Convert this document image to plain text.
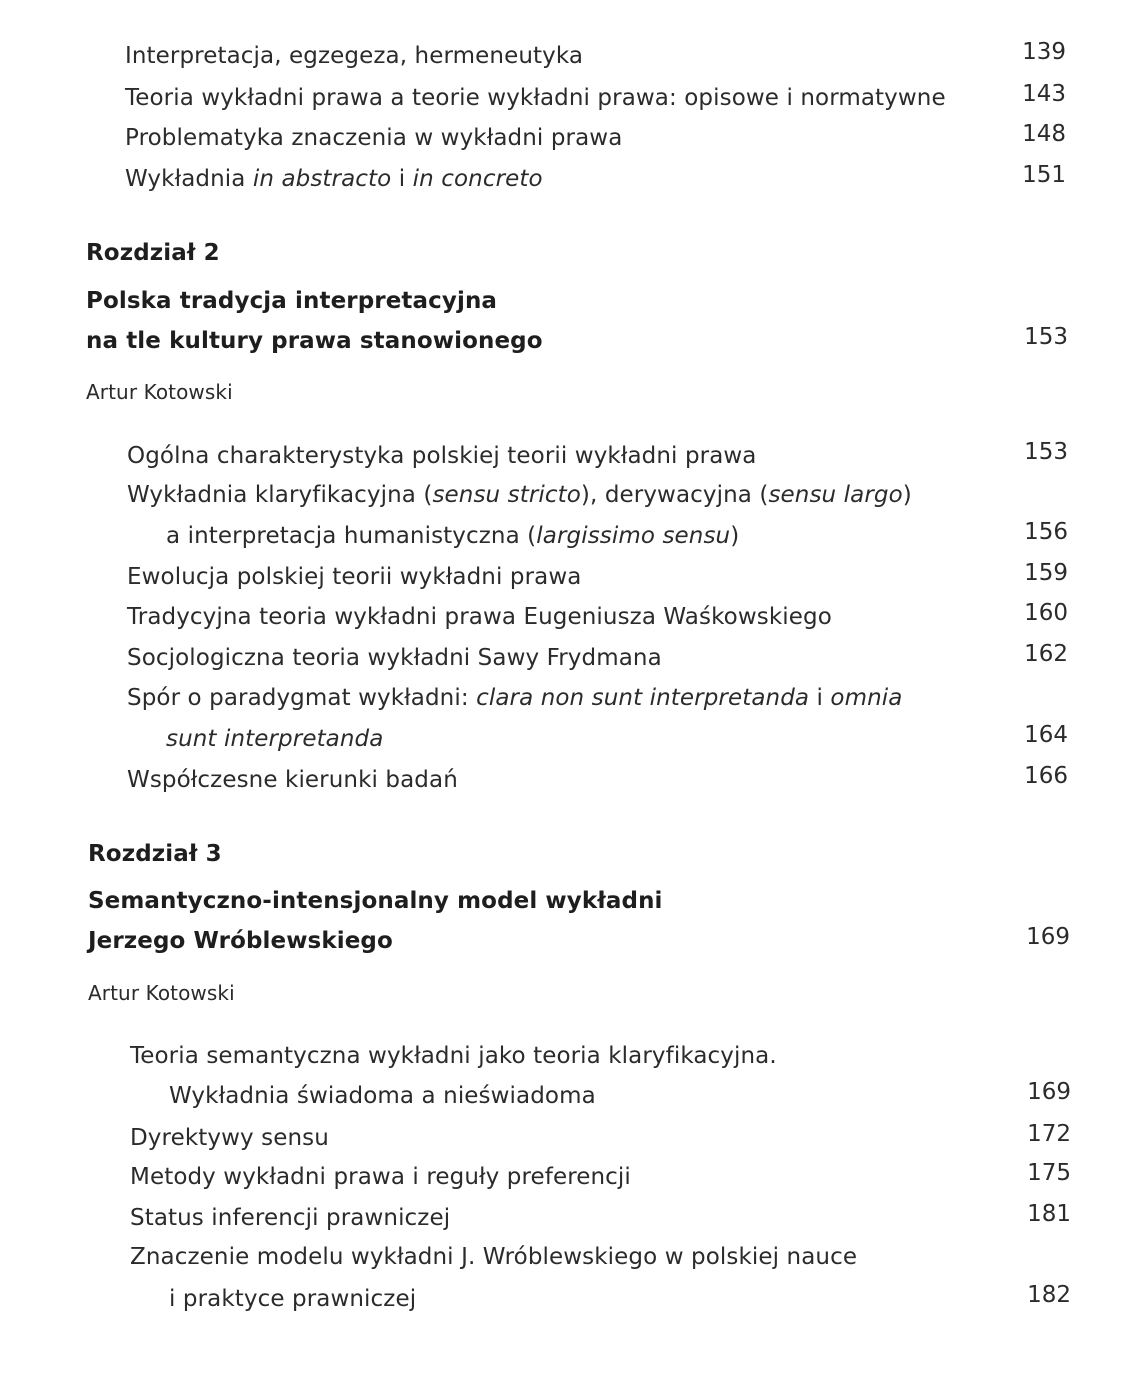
Interpretacja, egzegeza, hermeneutyka	139
Teoria wykładni prawa a teorie wykładni prawa: opisowe i normatywne	143
Problematyka znaczenia w wykładni prawa	148
Wykładnia in abstracto i in concreto	151
Rozdział 2
Polska tradycja interpretacyjna
na tle kultury prawa stanowionego	153
Artur Kotowski
Ogólna charakterystyka polskiej teorii wykładni prawa	153
Wykładnia klaryfikacyjna (sensu stricto), derywacyjna (sensu largo)
a interpretacja humanistyczna (largissimo sensu)	156
Ewolucja polskiej teorii wykładni prawa	159
Tradycyjna teoria wykładni prawa Eugeniusza Waśkowskiego	160
Socjologiczna teoria wykładni Sawy Frydmana	162
Spór o paradygmat wykładni: clara non sunt interpretanda i omnia
sunt interpretanda	164
Współczesne kierunki badań	166
Rozdział 3
Semantyczno-intensjonalny model wykładni
Jerzego Wróblewskiego	169
Artur Kotowski
Teoria semantyczna wykładni jako teoria klaryfikacyjna.
Wykładnia świadoma a nieświadoma	169
Dyrektywy sensu	172
Metody wykładni prawa i reguły preferencji	175
Status inferencji prawniczej	181
Znaczenie modelu wykładni J. Wróblewskiego w polskiej nauce
i praktyce prawniczej	182
